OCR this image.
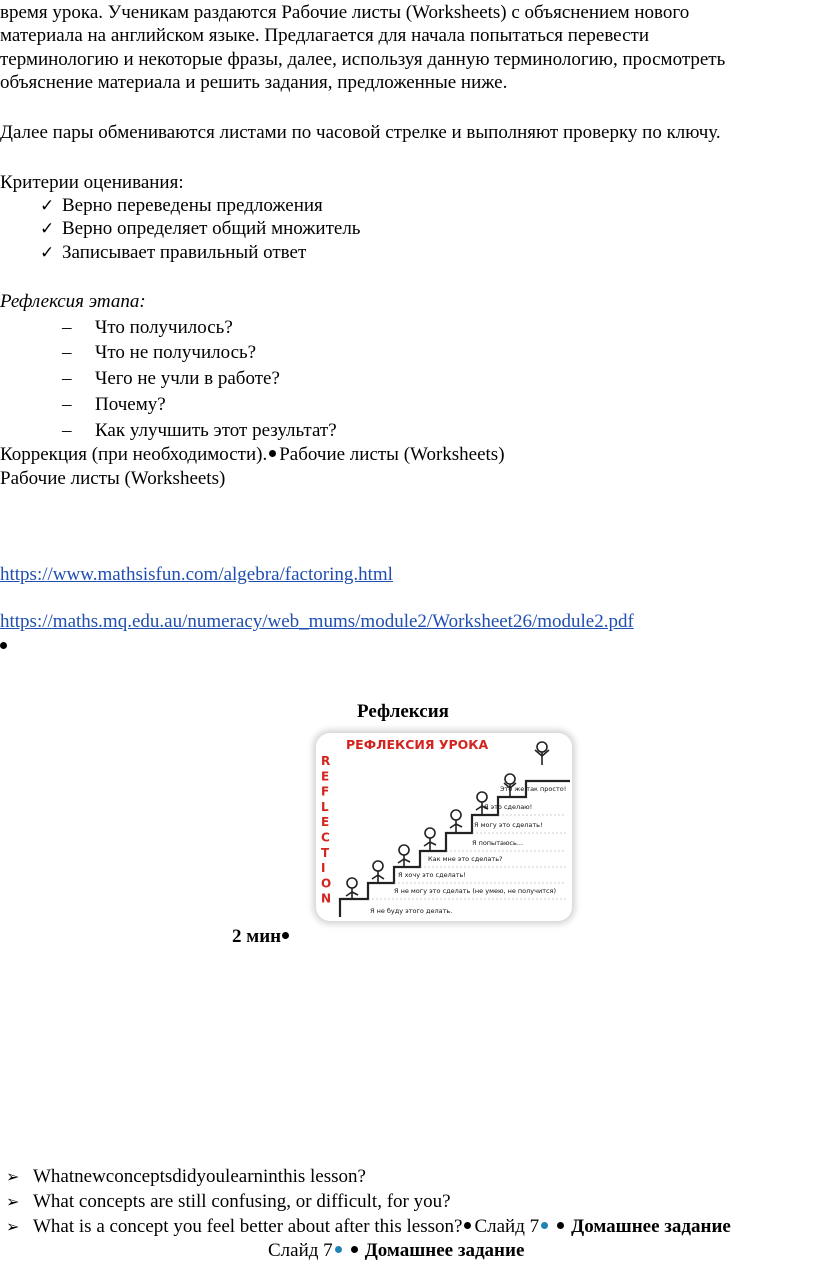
время урока. Ученикам раздаются Рабочие листы (Worksheets) с объяснением нового
материала на английском языке. Предлагается для начала попытаться перевести
терминологию и некоторые фразы, далее, используя данную терминологию, просмотреть
объяснение материала и решить задания, предложенные ниже.
Далее пары обмениваются листами по часовой стрелке и выполняют проверку по ключу.
Критерии оценивания:
✓ Верно переведены предложения
✓ Верно определяет общий множитель
✓ Записывает правильный ответ
Рефлексия этапа:
– Что получилось?
– Что не получилось?
– Чего не учли в работе?
– Почему?
– Как улучшить этот результат?
Коррекция (при необходимости). Рабочие листы (Worksheets)
Рабочие листы (Worksheets)
https://www.mathsisfun.com/algebra/factoring.html
https://maths.mq.edu.au/numeracy/web_mums/module2/Worksheet26/module2.pdf
Рефлексия
РЕФЛЕКСИЯ УРОКА
R E F L E C T I O N
Это же так просто!
Я это сделаю!
Я могу это сделать!
Я попытаюсь...
Как мне это сделать?
Я хочу это сделать!
Я не могу это сделать (не умею, не получится)
Я не буду этого делать.
2 мин
➢ Whatnewconceptsdidyoulearninthis lesson?
➢ What concepts are still confusing, or difficult, for you?
➢ What is a concept you feel better about after this lesson? Слайд 7 Домашнее задание
Слайд 7 Домашнее задание
